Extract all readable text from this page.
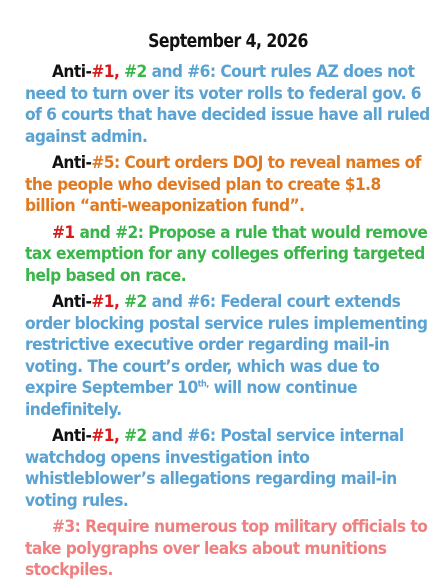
September 4, 2026

Anti-#1, #2 and #6: Court rules AZ does not need to turn over its voter rolls to federal gov. 6 of 6 courts that have decided issue have all ruled against admin.

Anti-#5: Court orders DOJ to reveal names of the people who devised plan to create $1.8 billion “anti-weaponization fund”.

#1 and #2: Propose a rule that would remove tax exemption for any colleges offering targeted help based on race.

Anti-#1, #2 and #6: Federal court extends order blocking postal service rules implementing restrictive executive order regarding mail-in voting. The court’s order, which was due to expire September $10^{th,}$ will now continue indefinitely.

Anti-#1, #2 and #6: Postal service internal watchdog opens investigation into whistleblower’s allegations regarding mail-in voting rules.

#3: Require numerous top military officials to take polygraphs over leaks about munitions stockpiles.
